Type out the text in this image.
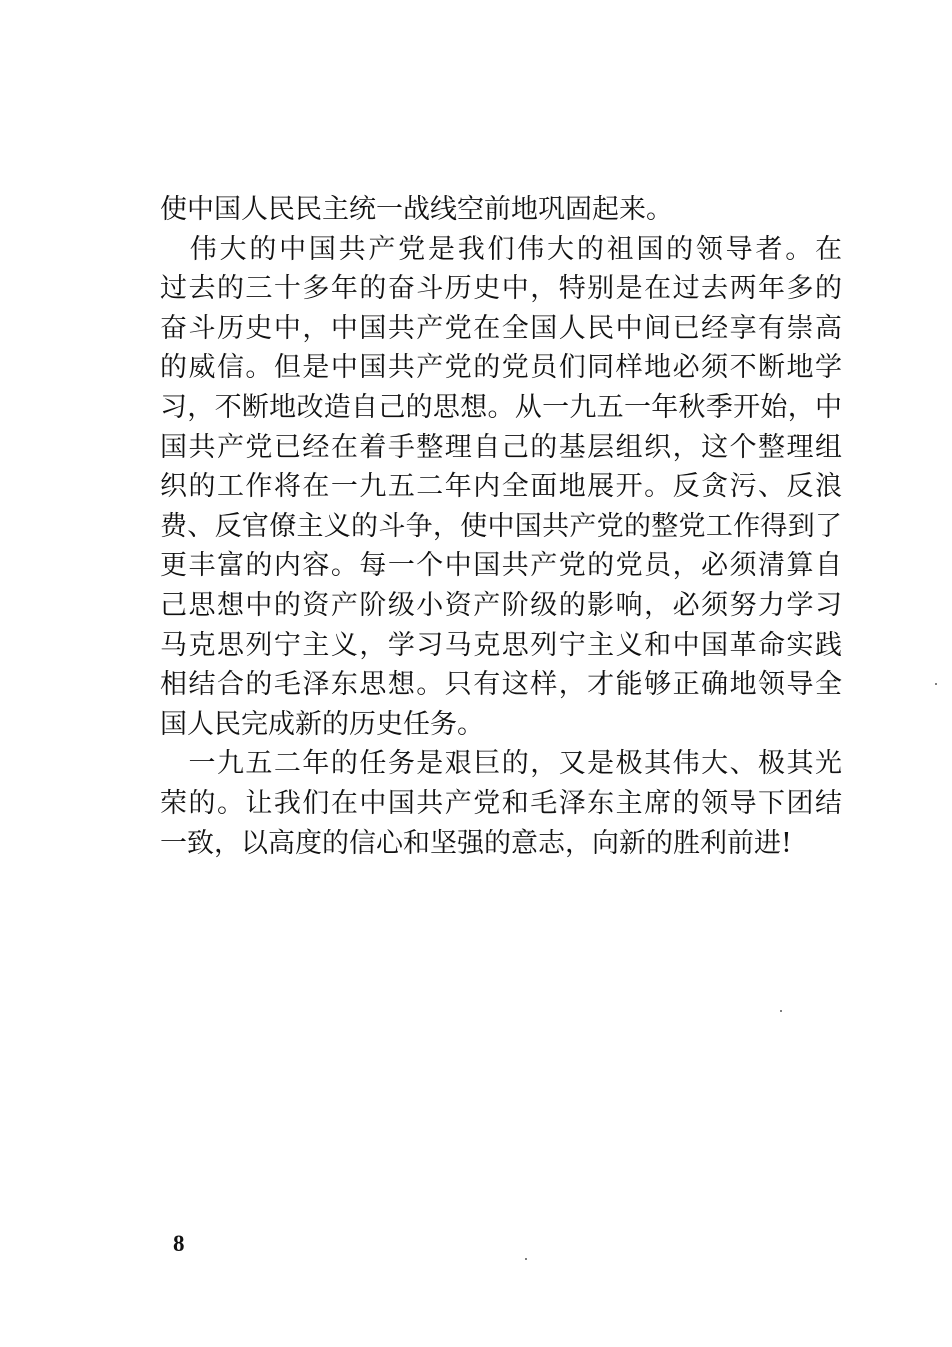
使中国人民民主统一战线空前地巩固起来。
　伟大的中国共产党是我们伟大的祖国的领导者。在
过去的三十多年的奋斗历史中，特别是在过去两年多的
奋斗历史中，中国共产党在全国人民中间已经享有崇高
的威信。但是中国共产党的党员们同样地必须不断地学
习，不断地改造自己的思想。从一九五一年秋季开始，中
国共产党已经在着手整理自己的基层组织，这个整理组
织的工作将在一九五二年内全面地展开。反贪污、反浪
费、反官僚主义的斗争，使中国共产党的整党工作得到了
更丰富的内容。每一个中国共产党的党员，必须清算自
己思想中的资产阶级小资产阶级的影响，必须努力学习
马克思列宁主义，学习马克思列宁主义和中国革命实践
相结合的毛泽东思想。只有这样，才能够正确地领导全
国人民完成新的历史任务。
　一九五二年的任务是艰巨的，又是极其伟大、极其光
荣的。让我们在中国共产党和毛泽东主席的领导下团结
一致，以高度的信心和坚强的意志，向新的胜利前进!
8
